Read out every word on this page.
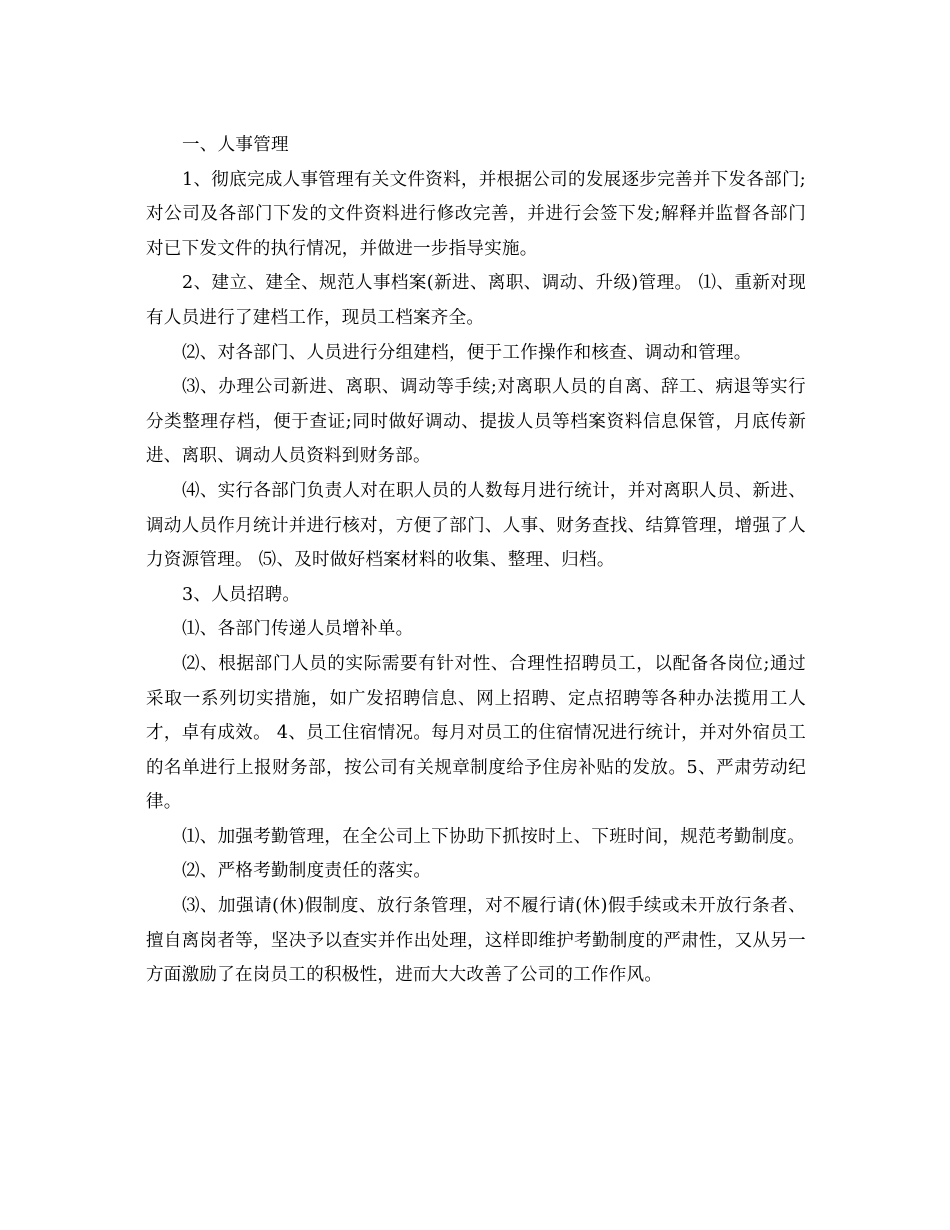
一、人事管理

1、彻底完成人事管理有关文件资料，并根据公司的发展逐步完善并下发各部门;对公司及各部门下发的文件资料进行修改完善，并进行会签下发;解释并监督各部门对已下发文件的执行情况，并做进一步指导实施。

2、建立、建全、规范人事档案(新进、离职、调动、升级)管理。 ⑴、重新对现有人员进行了建档工作，现员工档案齐全。

⑵、对各部门、人员进行分组建档，便于工作操作和核查、调动和管理。

⑶、办理公司新进、离职、调动等手续;对离职人员的自离、辞工、病退等实行分类整理存档，便于查证;同时做好调动、提拔人员等档案资料信息保管，月底传新进、离职、调动人员资料到财务部。

⑷、实行各部门负责人对在职人员的人数每月进行统计，并对离职人员、新进、调动人员作月统计并进行核对，方便了部门、人事、财务查找、结算管理，增强了人力资源管理。 ⑸、及时做好档案材料的收集、整理、归档。

3、人员招聘。

⑴、各部门传递人员增补单。

⑵、根据部门人员的实际需要有针对性、合理性招聘员工，以配备各岗位;通过采取一系列切实措施，如广发招聘信息、网上招聘、定点招聘等各种办法揽用工人才，卓有成效。 4、员工住宿情况。每月对员工的住宿情况进行统计，并对外宿员工的名单进行上报财务部，按公司有关规章制度给予住房补贴的发放。5、严肃劳动纪律。

⑴、加强考勤管理，在全公司上下协助下抓按时上、下班时间，规范考勤制度。

⑵、严格考勤制度责任的落实。

⑶、加强请(休)假制度、放行条管理，对不履行请(休)假手续或未开放行条者、擅自离岗者等，坚决予以查实并作出处理，这样即维护考勤制度的严肃性，又从另一方面激励了在岗员工的积极性，进而大大改善了公司的工作作风。
